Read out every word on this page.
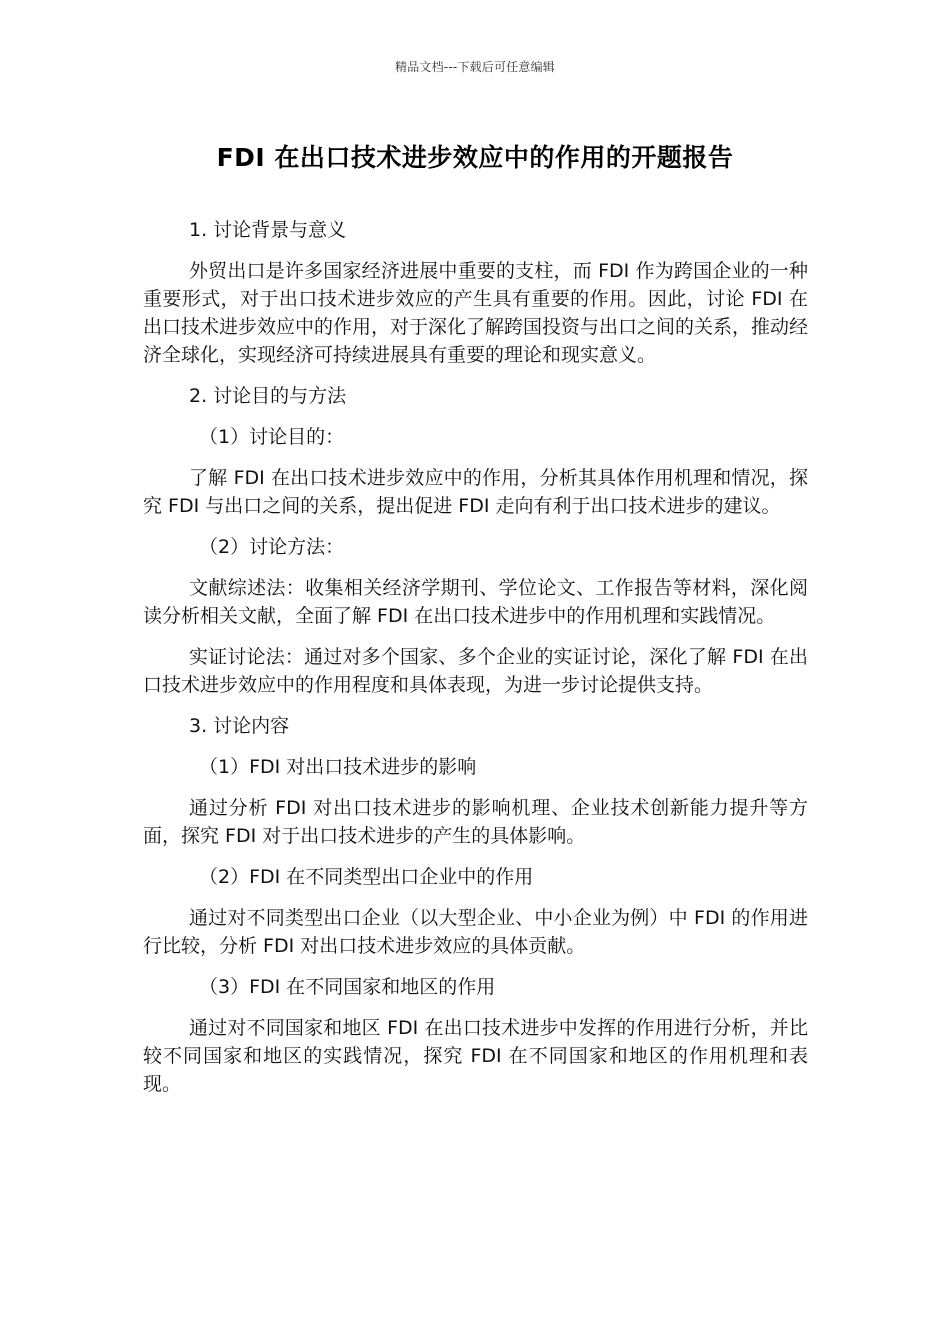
精品文档---下载后可任意编辑
FDI 在出口技术进步效应中的作用的开题报告

1. 讨论背景与意义

外贸出口是许多国家经济进展中重要的支柱，而 FDI 作为跨国企业的一种重要形式，对于出口技术进步效应的产生具有重要的作用。因此，讨论 FDI 在出口技术进步效应中的作用，对于深化了解跨国投资与出口之间的关系，推动经济全球化，实现经济可持续进展具有重要的理论和现实意义。

2. 讨论目的与方法

（1）讨论目的：

了解 FDI 在出口技术进步效应中的作用，分析其具体作用机理和情况，探究 FDI 与出口之间的关系，提出促进 FDI 走向有利于出口技术进步的建议。

（2）讨论方法：

文献综述法：收集相关经济学期刊、学位论文、工作报告等材料，深化阅读分析相关文献，全面了解 FDI 在出口技术进步中的作用机理和实践情况。

实证讨论法：通过对多个国家、多个企业的实证讨论，深化了解 FDI 在出口技术进步效应中的作用程度和具体表现，为进一步讨论提供支持。

3. 讨论内容

（1）FDI 对出口技术进步的影响

通过分析 FDI 对出口技术进步的影响机理、企业技术创新能力提升等方面，探究 FDI 对于出口技术进步的产生的具体影响。

（2）FDI 在不同类型出口企业中的作用

通过对不同类型出口企业（以大型企业、中小企业为例）中 FDI 的作用进行比较，分析 FDI 对出口技术进步效应的具体贡献。

（3）FDI 在不同国家和地区的作用

通过对不同国家和地区 FDI 在出口技术进步中发挥的作用进行分析，并比较不同国家和地区的实践情况，探究 FDI 在不同国家和地区的作用机理和表现。
